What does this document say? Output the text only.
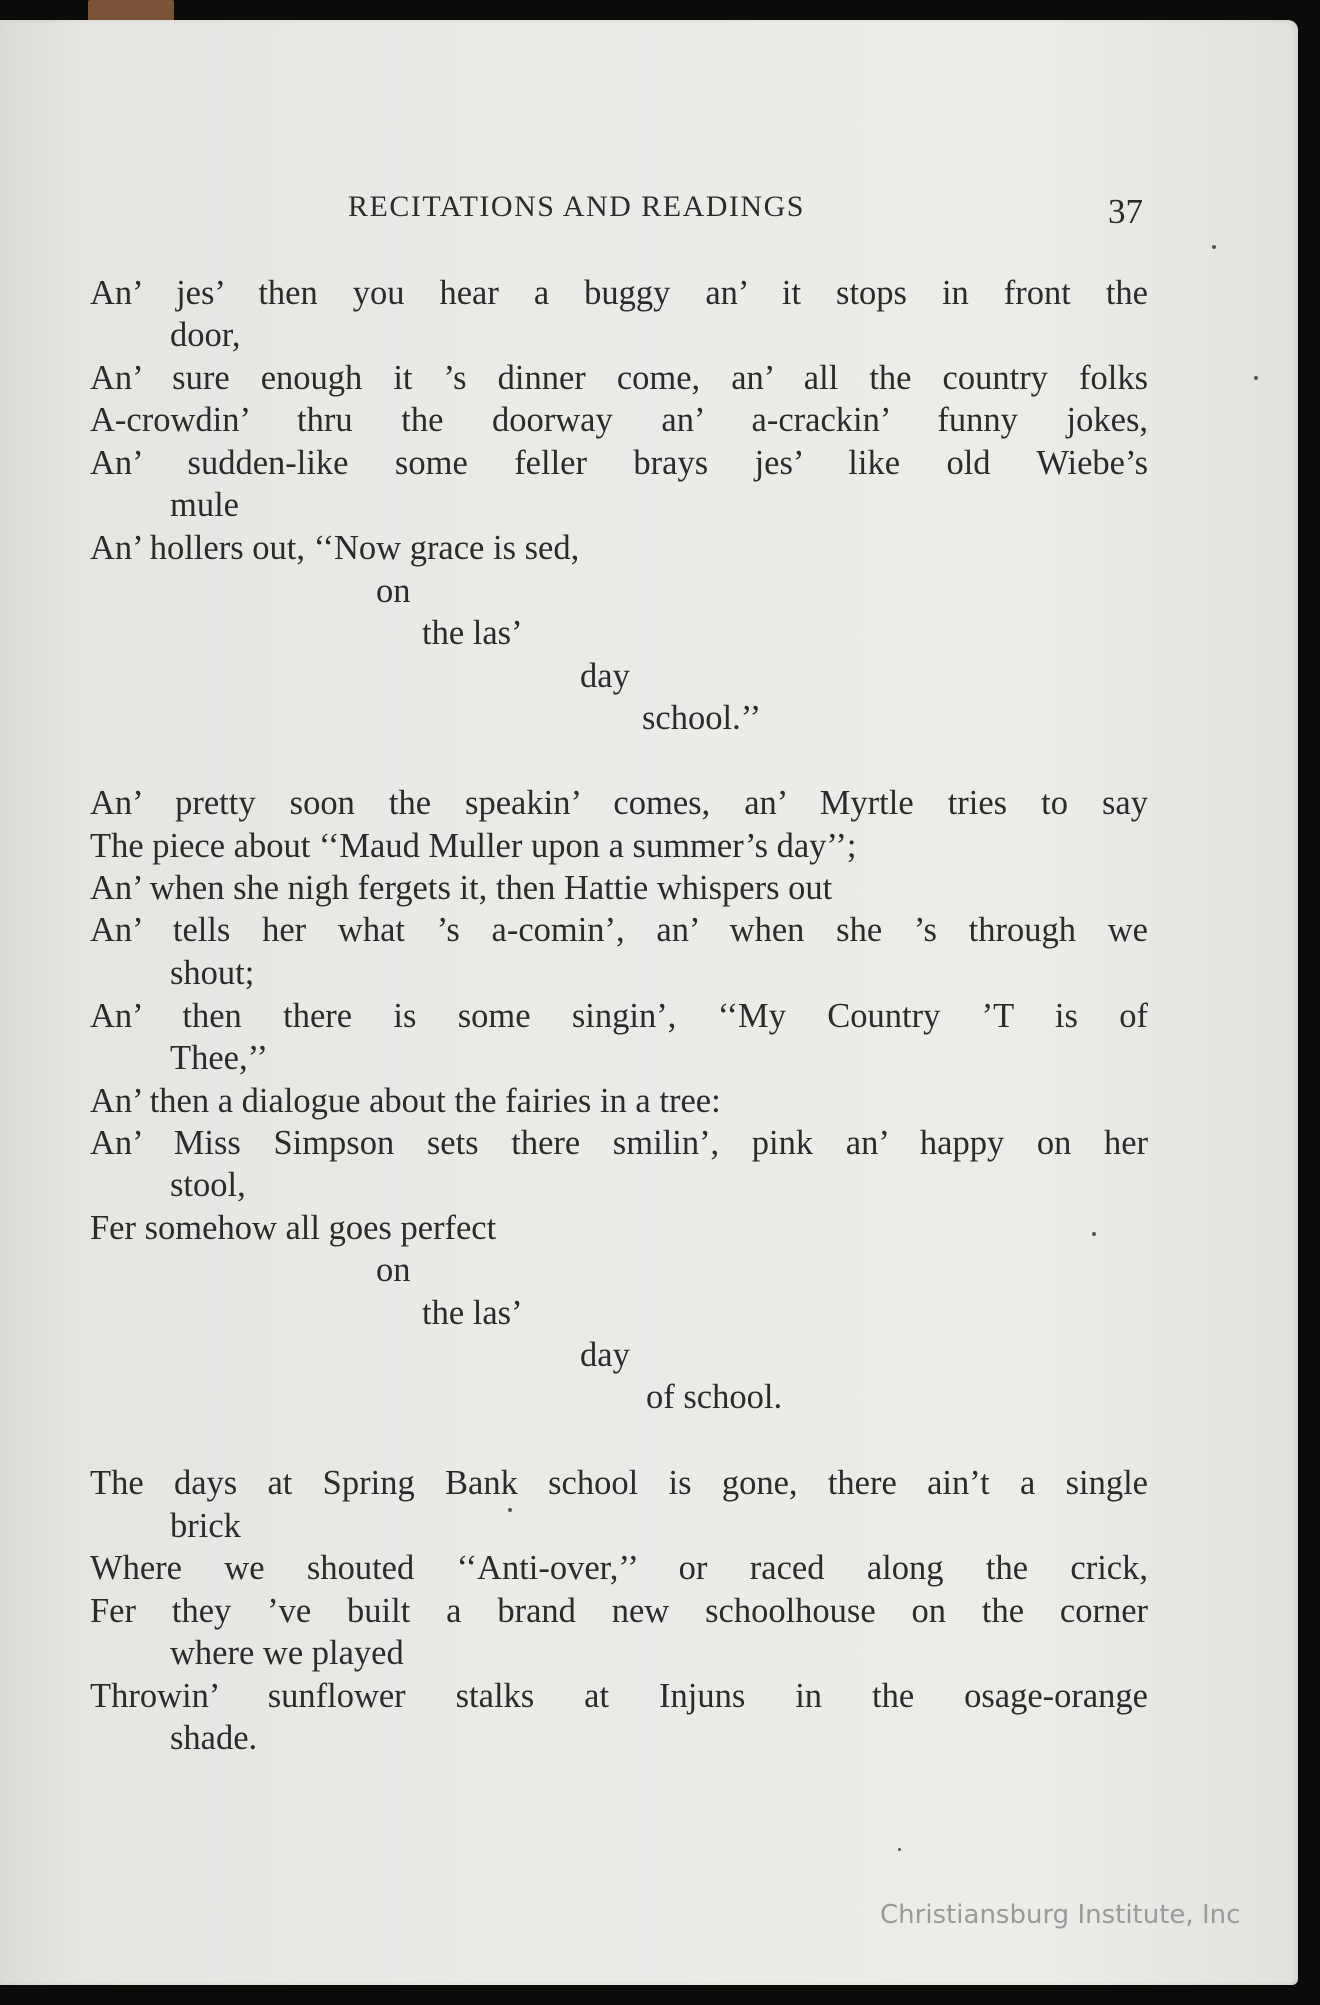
RECITATIONS AND READINGS	37
An’ jes’ then you hear a buggy an’ it stops in front the
door,
An’ sure enough it ’s dinner come, an’ all the country folks
A-crowdin’ thru the doorway an’ a-crackin’ funny jokes,
An’ sudden-like some feller brays jes’ like old Wiebe’s
mule
An’ hollers out, ‘‘Now grace is sed,
on
the las’
day
school.’’
An’ pretty soon the speakin’ comes, an’ Myrtle tries to say
The piece about ‘‘Maud Muller upon a summer’s day’’;
An’ when she nigh fergets it, then Hattie whispers out
An’ tells her what ’s a-comin’, an’ when she ’s through we
shout;
An’ then there is some singin’, ‘‘My Country ’T is of
Thee,’’
An’ then a dialogue about the fairies in a tree:
An’ Miss Simpson sets there smilin’, pink an’ happy on her
stool,
Fer somehow all goes perfect
on
the las’
day
of school.
The days at Spring Bank school is gone, there ain’t a single
brick
Where we shouted ‘‘Anti-over,’’ or raced along the crick,
Fer they ’ve built a brand new schoolhouse on the corner
where we played
Throwin’ sunflower stalks at Injuns in the osage-orange
shade.
Christiansburg Institute, Inc
